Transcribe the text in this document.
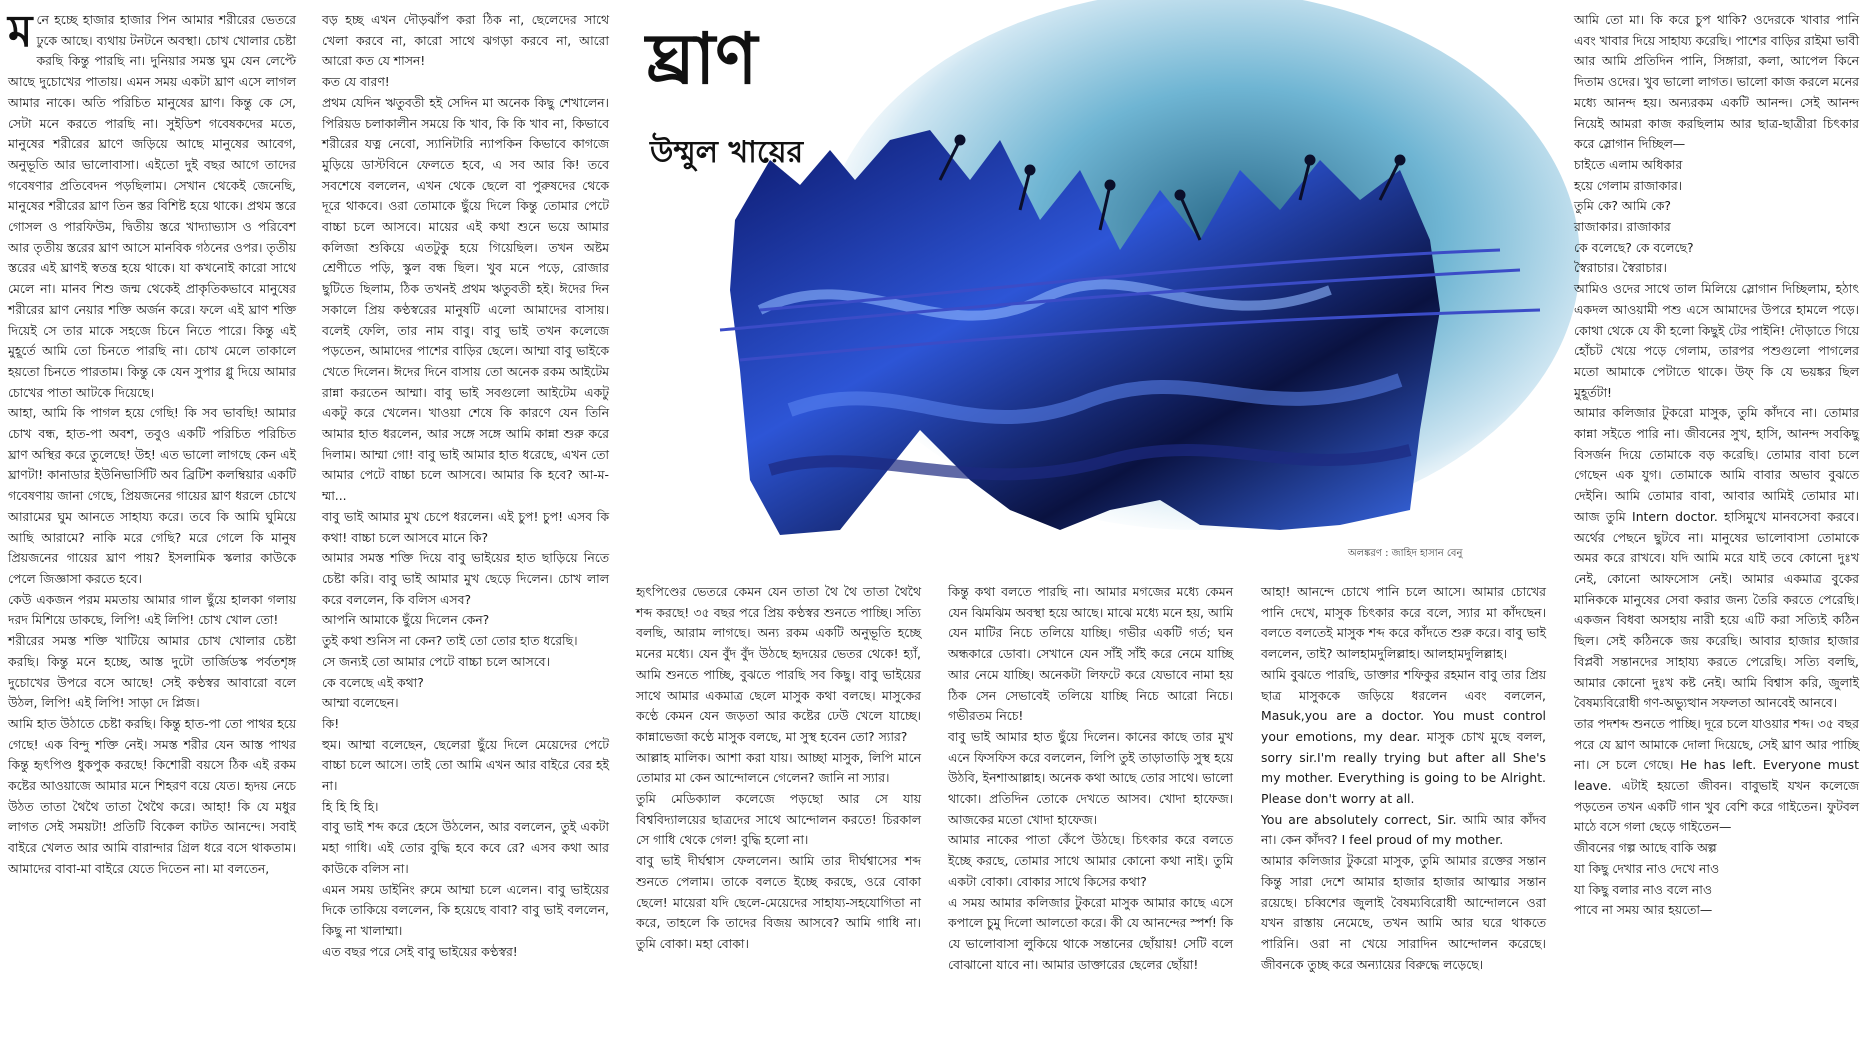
ঘ্রাণ
উম্মুল খায়ের
অলঙ্করণ : জাহিদ হাসান বেনু
মনে হচ্ছে হাজার হাজার পিন আমার শরীরের ভেতরে ঢুকে আছে। ব্যথায় টনটনে অবস্থা। চোখ খোলার চেষ্টা করছি কিন্তু পারছি না। দুনিয়ার সমস্ত ঘুম যেন লেপ্টে আছে দুচোখের পাতায়। এমন সময় একটা ঘ্রাণ এসে লাগল আমার নাকে। অতি পরিচিত মানুষের ঘ্রাণ। কিন্তু কে সে, সেটা মনে করতে পারছি না। সুইডিশ গবেষকদের মতে, মানুষের শরীরের ঘ্রাণে জড়িয়ে আছে মানুষের আবেগ, অনুভূতি আর ভালোবাসা। এইতো দুই বছর আগে তাদের গবেষণার প্রতিবেদন পড়ছিলাম। সেখান থেকেই জেনেছি, মানুষের শরীরের ঘ্রাণ তিন স্তর বিশিষ্ট হয়ে থাকে। প্রথম স্তরে গোসল ও পারফিউম, দ্বিতীয় স্তরে খাদ্যাভ্যাস ও পরিবেশ আর তৃতীয় স্তরের ঘ্রাণ আসে মানবিক গঠনের ওপর। তৃতীয় স্তরের এই ঘ্রাণই স্বতন্ত্র হয়ে থাকে। যা কখনোই কারো সাথে মেলে না। মানব শিশু জন্ম থেকেই প্রাকৃতিকভাবে মানুষের শরীরের ঘ্রাণ নেয়ার শক্তি অর্জন করে। ফলে এই ঘ্রাণ শক্তি দিয়েই সে তার মাকে সহজে চিনে নিতে পারে। কিন্তু এই মুহূর্তে আমি তো চিনতে পারছি না। চোখ মেলে তাকালে হয়তো চিনতে পারতাম। কিন্তু কে যেন সুপার গ্লু দিয়ে আমার চোখের পাতা আটকে দিয়েছে।
আহা, আমি কি পাগল হয়ে গেছি! কি সব ভাবছি! আমার চোখ বন্ধ, হাত-পা অবশ, তবুও একটি পরিচিত পরিচিত ঘ্রাণ অস্থির করে তুলেছে! উহ! এত ভালো লাগছে কেন এই ঘ্রাণটা! কানাডার ইউনিভার্সিটি অব ব্রিটিশ কলম্বিয়ার একটি গবেষণায় জানা গেছে, প্রিয়জনের গায়ের ঘ্রাণ ধরলে চোখে আরামের ঘুম আনতে সাহায্য করে। তবে কি আমি ঘুমিয়ে আছি আরামে? নাকি মরে গেছি? মরে গেলে কি মানুষ প্রিয়জনের গায়ের ঘ্রাণ পায়? ইসলামিক স্কলার কাউকে পেলে জিজ্ঞাসা করতে হবে।
কেউ একজন পরম মমতায় আমার গাল ছুঁয়ে হালকা গলায় দরদ মিশিয়ে ডাকছে, লিপি! এই লিপি! চোখ খোল তো!
শরীরের সমস্ত শক্তি খাটিয়ে আমার চোখ খোলার চেষ্টা করছি। কিন্তু মনে হচ্ছে, আস্ত দুটো তার্জিডস্ক পর্বতশৃঙ্গ দুচোখের উপরে বসে আছে! সেই কণ্ঠস্বর আবারো বলে উঠল, লিপি! এই লিপি! সাড়া দে প্লিজ।
আমি হাত উঠাতে চেষ্টা করছি। কিন্তু হাত-পা তো পাথর হয়ে গেছে! এক বিন্দু শক্তি নেই। সমস্ত শরীর যেন আস্ত পাথর কিন্তু হৃৎপিণ্ড ধুকপুক করছে! কিশোরী বয়সে ঠিক এই রকম কষ্টের আওয়াজে আমার মনে শিহরণ বয়ে যেত। হৃদয় নেচে উঠত তাতা থৈথৈ তাতা থৈথৈ করে। আহা! কি যে মধুর লাগত সেই সময়টা! প্রতিটি বিকেল কাটত আনন্দে। সবাই বাইরে খেলত আর আমি বারান্দার গ্রিল ধরে বসে থাকতাম। আমাদের বাবা-মা বাইরে যেতে দিতেন না। মা বলতেন,
বড় হচ্ছ এখন দৌড়ঝাঁপ করা ঠিক না, ছেলেদের সাথে খেলা করবে না, কারো সাথে ঝগড়া করবে না, আরো আরো কত যে শাসন!
কত যে বারণ!
প্রথম যেদিন ঋতুবতী হই সেদিন মা অনেক কিছু শেখালেন। পিরিয়ড চলাকালীন সময়ে কি খাব, কি কি খাব না, কিভাবে শরীরের যত্ন নেবো, স্যানিটারি ন্যাপকিন কিভাবে কাগজে মুড়িয়ে ডাস্টবিনে ফেলতে হবে, এ সব আর কি! তবে সবশেষে বললেন, এখন থেকে ছেলে বা পুরুষদের থেকে দূরে থাকবে। ওরা তোমাকে ছুঁয়ে দিলে কিন্তু তোমার পেটে বাচ্চা চলে আসবে। মায়ের এই কথা শুনে ভয়ে আমার কলিজা শুকিয়ে এতটুকু হয়ে গিয়েছিল। তখন অষ্টম শ্রেণীতে পড়ি, স্কুল বন্ধ ছিল। খুব মনে পড়ে, রোজার ছুটিতে ছিলাম, ঠিক তখনই প্রথম ঋতুবতী হই। ঈদের দিন সকালে প্রিয় কণ্ঠস্বরের মানুষটি এলো আমাদের বাসায়। বলেই ফেলি, তার নাম বাবু। বাবু ভাই তখন কলেজে পড়তেন, আমাদের পাশের বাড়ির ছেলে। আম্মা বাবু ভাইকে খেতে দিলেন। ঈদের দিনে বাসায় তো অনেক রকম আইটেম রান্না করতেন আম্মা। বাবু ভাই সবগুলো আইটেম একটু একটু করে খেলেন। খাওয়া শেষে কি কারণে যেন তিনি আমার হাত ধরলেন, আর সঙ্গে সঙ্গে আমি কান্না শুরু করে দিলাম। আম্মা গো! বাবু ভাই আমার হাত ধরেছে, এখন তো আমার পেটে বাচ্চা চলে আসবে। আমার কি হবে? আ-ম-ম্মা...
বাবু ভাই আমার মুখ চেপে ধরলেন। এই চুপ! চুপ! এসব কি কথা! বাচ্চা চলে আসবে মানে কি?
আমার সমস্ত শক্তি দিয়ে বাবু ভাইয়ের হাত ছাড়িয়ে নিতে চেষ্টা করি। বাবু ভাই আমার মুখ ছেড়ে দিলেন। চোখ লাল করে বললেন, কি বলিস এসব?
আপনি আমাকে ছুঁয়ে দিলেন কেন?
তুই কথা শুনিস না কেন? তাই তো তোর হাত ধরেছি।
সে জন্যই তো আমার পেটে বাচ্চা চলে আসবে।
কে বলেছে এই কথা?
আম্মা বলেছেন।
কি!
হুম। আম্মা বলেছেন, ছেলেরা ছুঁয়ে দিলে মেয়েদের পেটে বাচ্চা চলে আসে। তাই তো আমি এখন আর বাইরে বের হই না।
হি হি হি হি।
বাবু ভাই শব্দ করে হেসে উঠলেন, আর বললেন, তুই একটা মহা গাধি। এই তোর বুদ্ধি হবে কবে রে? এসব কথা আর কাউকে বলিস না।
এমন সময় ডাইনিং রুমে আম্মা চলে এলেন। বাবু ভাইয়ের দিকে তাকিয়ে বললেন, কি হয়েছে বাবা? বাবু ভাই বললেন, কিছু না খালাম্মা।
এত বছর পরে সেই বাবু ভাইয়ের কণ্ঠস্বর!
হৃৎপিণ্ডের ভেতরে কেমন যেন তাতা থৈ থৈ তাতা থৈথৈ শব্দ করছে! ৩৫ বছর পরে প্রিয় কণ্ঠস্বর শুনতে পাচ্ছি। সত্যি বলছি, আরাম লাগছে। অন্য রকম একটি অনুভূতি হচ্ছে মনের মধ্যে। যেন বুঁদ বুঁদ উঠছে হৃদয়ের ভেতর থেকে! হ্যাঁ, আমি শুনতে পাচ্ছি, বুঝতে পারছি সব কিছু। বাবু ভাইয়ের সাথে আমার একমাত্র ছেলে মাসুক কথা বলছে। মাসুকের কণ্ঠে কেমন যেন জড়তা আর কষ্টের ঢেউ খেলে যাচ্ছে। কান্নাভেজা কণ্ঠে মাসুক বলছে, মা সুস্থ হবেন তো? স্যার?
আল্লাহ মালিক। আশা করা যায়। আচ্ছা মাসুক, লিপি মানে তোমার মা কেন আন্দোলনে গেলেন? জানি না স্যার।
তুমি মেডিক্যাল কলেজে পড়ছো আর সে যায় বিশ্ববিদ্যালয়ের ছাত্রদের সাথে আন্দোলন করতে! চিরকাল সে গাধি থেকে গেল! বুদ্ধি হলো না।
বাবু ভাই দীর্ঘশ্বাস ফেললেন। আমি তার দীর্ঘশ্বাসের শব্দ শুনতে পেলাম। তাকে বলতে ইচ্ছে করছে, ওরে বোকা ছেলে! মায়েরা যদি ছেলে-মেয়েদের সাহায্য-সহযোগিতা না করে, তাহলে কি তাদের বিজয় আসবে? আমি গাধি না। তুমি বোকা। মহা বোকা।
কিন্তু কথা বলতে পারছি না। আমার মগজের মধ্যে কেমন যেন ঝিমঝিম অবস্থা হয়ে আছে। মাঝে মধ্যে মনে হয়, আমি যেন মাটির নিচে তলিয়ে যাচ্ছি। গভীর একটি গর্ত; ঘন অন্ধকারে ডোবা। সেখানে যেন সাঁই সাঁই করে নেমে যাচ্ছি আর নেমে যাচ্ছি। অনেকটা লিফটে করে যেভাবে নামা হয় ঠিক সেন সেভাবেই তলিয়ে যাচ্ছি নিচে আরো নিচে। গভীরতম নিচে!
বাবু ভাই আমার হাত ছুঁয়ে দিলেন। কানের কাছে তার মুখ এনে ফিসফিস করে বললেন, লিপি তুই তাড়াতাড়ি সুস্থ হয়ে উঠবি, ইনশাআল্লাহ। অনেক কথা আছে তোর সাথে। ভালো থাকো। প্রতিদিন তোকে দেখতে আসব। খোদা হাফেজ। আজকের মতো খোদা হাফেজ।
আমার নাকের পাতা কেঁপে উঠছে। চিৎকার করে বলতে ইচ্ছে করছে, তোমার সাথে আমার কোনো কথা নাই। তুমি একটা বোকা। বোকার সাথে কিসের কথা?
এ সময় আমার কলিজার টুকরো মাসুক আমার কাছে এসে কপালে চুমু দিলো আলতো করে। কী যে আনন্দের স্পর্শ! কি যে ভালোবাসা লুকিয়ে থাকে সন্তানের ছোঁয়ায়! সেটি বলে বোঝানো যাবে না। আমার ডাক্তারের ছেলের ছোঁয়া!
আহা! আনন্দে চোখে পানি চলে আসে। আমার চোখের পানি দেখে, মাসুক চিৎকার করে বলে, স্যার মা কাঁদছেন। বলতে বলতেই মাসুক শব্দ করে কাঁদতে শুরু করে। বাবু ভাই বললেন, তাই? আলহামদুলিল্লাহ। আলহামদুলিল্লাহ।
আমি বুঝতে পারছি, ডাক্তার শফিকুর রহমান বাবু তার প্রিয় ছাত্র মাসুককে জড়িয়ে ধরলেন এবং বললেন, Masuk,you are a doctor. You must control your emotions, my dear. মাসুক চোখ মুছে বলল, sorry sir.I'm really trying but after all She's my mother. Everything is going to be Alright. Please don't worry at all.
You are absolutely correct, Sir. আমি আর কাঁদব না। কেন কাঁদব? I feel proud of my mother.
আমার কলিজার টুকরো মাসুক, তুমি আমার রক্তের সন্তান কিন্তু সারা দেশে আমার হাজার হাজার আত্মার সন্তান রয়েছে। চব্বিশের জুলাই বৈষম্যবিরোধী আন্দোলনে ওরা যখন রাস্তায় নেমেছে, তখন আমি আর ঘরে থাকতে পারিনি। ওরা না খেয়ে সারাদিন আন্দোলন করেছে। জীবনকে তুচ্ছ করে অন্যায়ের বিরুদ্ধে লড়েছে।
আমি তো মা। কি করে চুপ থাকি? ওদেরকে খাবার পানি এবং খাবার দিয়ে সাহায্য করেছি। পাশের বাড়ির রাইমা ভাবী আর আমি প্রতিদিন পানি, সিঙ্গারা, কলা, আপেল কিনে দিতাম ওদের। খুব ভালো লাগত। ভালো কাজ করলে মনের মধ্যে আনন্দ হয়। অন্যরকম একটি আনন্দ। সেই আনন্দ নিয়েই আমরা কাজ করছিলাম আর ছাত্র-ছাত্রীরা চিৎকার করে স্লোগান দিচ্ছিল—
চাইতে এলাম অধিকার
হয়ে গেলাম রাজাকার।
তুমি কে? আমি কে?
রাজাকার। রাজাকার
কে বলেছে? কে বলেছে?
স্বৈরাচার। স্বৈরাচার।
আমিও ওদের সাথে তাল মিলিয়ে স্লোগান দিচ্ছিলাম, হঠাৎ একদল আওয়ামী পশু এসে আমাদের উপরে হামলে পড়ে। কোথা থেকে যে কী হলো কিছুই টের পাইনি! দৌড়াতে গিয়ে হোঁচট খেয়ে পড়ে গেলাম, তারপর পশুগুলো পাগলের মতো আমাকে পেটাতে থাকে। উফ্ কি যে ভয়ঙ্কর ছিল মুহূর্তটা!
আমার কলিজার টুকরো মাসুক, তুমি কাঁদবে না। তোমার কান্না সইতে পারি না। জীবনের সুখ, হাসি, আনন্দ সবকিছু বিসর্জন দিয়ে তোমাকে বড় করেছি। তোমার বাবা চলে গেছেন এক যুগ। তোমাকে আমি বাবার অভাব বুঝতে দেইনি। আমি তোমার বাবা, আবার আমিই তোমার মা। আজ তুমি Intern doctor. হাসিমুখে মানবসেবা করবে। অর্থের পেছনে ছুটবে না। মানুষের ভালোবাসা তোমাকে অমর করে রাখবে। যদি আমি মরে যাই তবে কোনো দুঃখ নেই, কোনো আফসোস নেই। আমার একমাত্র বুকের মানিককে মানুষের সেবা করার জন্য তৈরি করতে পেরেছি। একজন বিধবা অসহায় নারী হয়ে এটি করা সত্যিই কঠিন ছিল। সেই কঠিনকে জয় করেছি। আবার হাজার হাজার বিপ্লবী সন্তানদের সাহায্য করতে পেরেছি। সত্যি বলছি, আমার কোনো দুঃখ কষ্ট নেই। আমি বিশ্বাস করি, জুলাই বৈষম্যবিরোধী গণ-অভ্যুত্থান সফলতা আনবেই আনবে।
তার পদশব্দ শুনতে পাচ্ছি। দূরে চলে যাওয়ার শব্দ। ৩৫ বছর পরে যে ঘ্রাণ আমাকে দোলা দিয়েছে, সেই ঘ্রাণ আর পাচ্ছি না। সে চলে গেছে। He has left. Everyone must leave. এটাই হয়তো জীবন। বাবুভাই যখন কলেজে পড়তেন তখন একটি গান খুব বেশি করে গাইতেন। ফুটবল মাঠে বসে গলা ছেড়ে গাইতেন—
জীবনের গল্প আছে বাকি অল্প
যা কিছু দেখার নাও দেখে নাও
যা কিছু বলার নাও বলে নাও
পাবে না সময় আর হয়তো—
